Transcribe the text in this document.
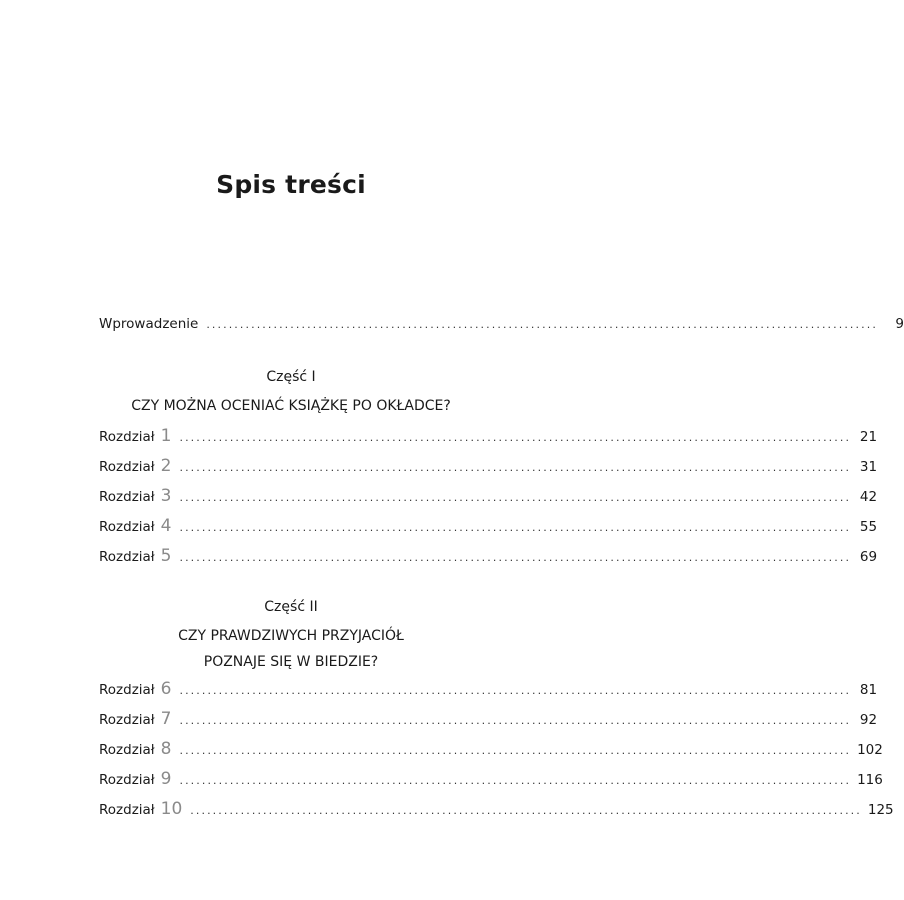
Spis treści
Wprowadzenie ........................................................................................................................	9
Część I
CZY MOŻNA OCENIAĆ KSIĄŻKĘ PO OKŁADCE?
Rozdział 1 ........................................................................................................................ 21
Rozdział 2 ........................................................................................................................ 31
Rozdział 3 ........................................................................................................................ 42
Rozdział 4 ........................................................................................................................ 55
Rozdział 5 ........................................................................................................................ 69
Część II
CZY PRAWDZIWYCH PRZYJACIÓŁ
POZNAJE SIĘ W BIEDZIE?
Rozdział 6 ........................................................................................................................ 81
Rozdział 7 ........................................................................................................................ 92
Rozdział 8 ........................................................................................................................ 102
Rozdział 9 ........................................................................................................................ 116
Rozdział 10 ........................................................................................................................ 125
